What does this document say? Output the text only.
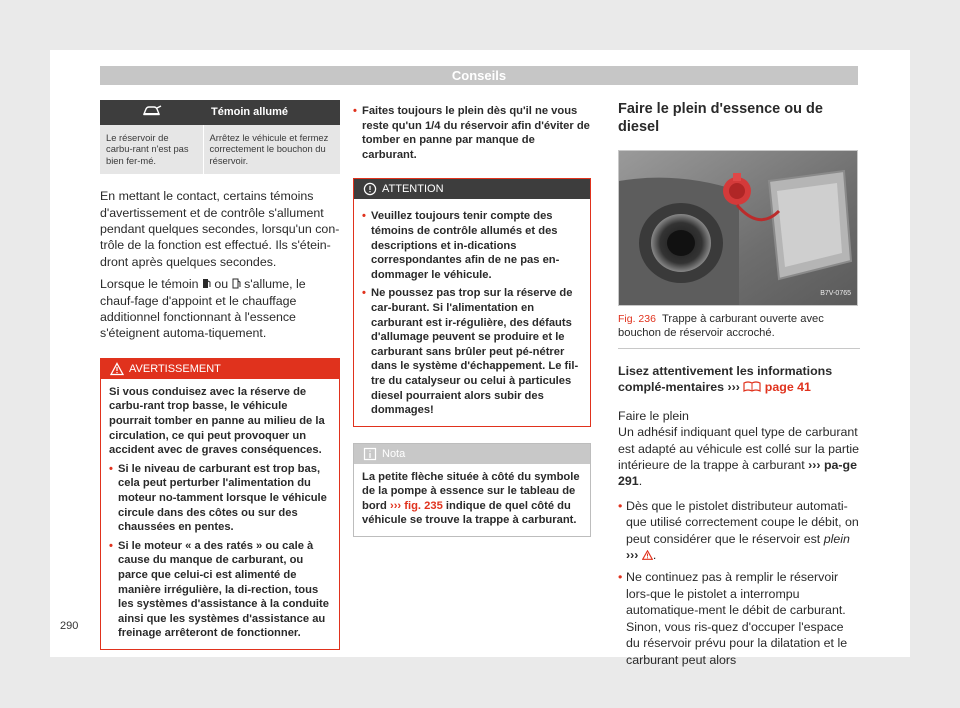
Conseils
	Témoin allumé
Le réservoir de carbu-rant n'est pas bien fer-mé.	Arrêtez le véhicule et fermez correctement le bouchon du réservoir.

En mettant le contact, certains témoins d'avertissement et de contrôle s'allument pendant quelques secondes, lorsqu'un con-trôle de la fonction est effectué. Ils s'étein-dront après quelques secondes.

Lorsque le témoin ou s'allume, le chauf-fage d'appoint et le chauffage additionnel fonctionnant à l'essence s'éteignent automa-tiquement.

AVERTISSEMENT
Si vous conduisez avec la réserve de carbu-rant trop basse, le véhicule pourrait tomber en panne au milieu de la circulation, ce qui peut provoquer un accident avec de graves conséquences.
• Si le niveau de carburant est trop bas, cela peut perturber l'alimentation du moteur no-tamment lorsque le véhicule circule dans des côtes ou sur des chaussées en pentes.
• Si le moteur « a des ratés » ou cale à cause du manque de carburant, ou parce que celui-ci est alimenté de manière irrégulière, la di-rection, tous les systèmes d'assistance à la conduite ainsi que les systèmes d'assistance au freinage arrêteront de fonctionner.
• Faites toujours le plein dès qu'il ne vous reste qu'un 1/4 du réservoir afin d'éviter de tomber en panne par manque de carburant.
ATTENTION
• Veuillez toujours tenir compte des témoins de contrôle allumés et des descriptions et in-dications correspondantes afin de ne pas en-dommager le véhicule.
• Ne poussez pas trop sur la réserve de car-burant. Si l'alimentation en carburant est ir-régulière, des défauts d'allumage peuvent se produire et le carburant sans brûler peut pé-nétrer dans le système d'échappement. Le fil-tre du catalyseur ou celui à particules diesel pourraient alors subir des dommages!
Nota
La petite flèche située à côté du symbole de la pompe à essence sur le tableau de bord ››› fig. 235 indique de quel côté du véhicule se trouve la trappe à carburant.
Faire le plein d'essence ou de diesel
B7V-0765
Fig. 236 Trappe à carburant ouverte avec bouchon de réservoir accroché.
Lisez attentivement les informations complé-mentaires ››› page 41
Faire le plein
Un adhésif indiquant quel type de carburant est adapté au véhicule est collé sur la partie intérieure de la trappe à carburant ››› pa-ge 291.
• Dès que le pistolet distributeur automati-que utilisé correctement coupe le débit, on peut considérer que le réservoir est plein ››› .
• Ne continuez pas à remplir le réservoir lors-que le pistolet a interrompu automatique-ment le débit de carburant. Sinon, vous ris-quez d'occuper l'espace du réservoir prévu pour la dilatation et le carburant peut alors
290
